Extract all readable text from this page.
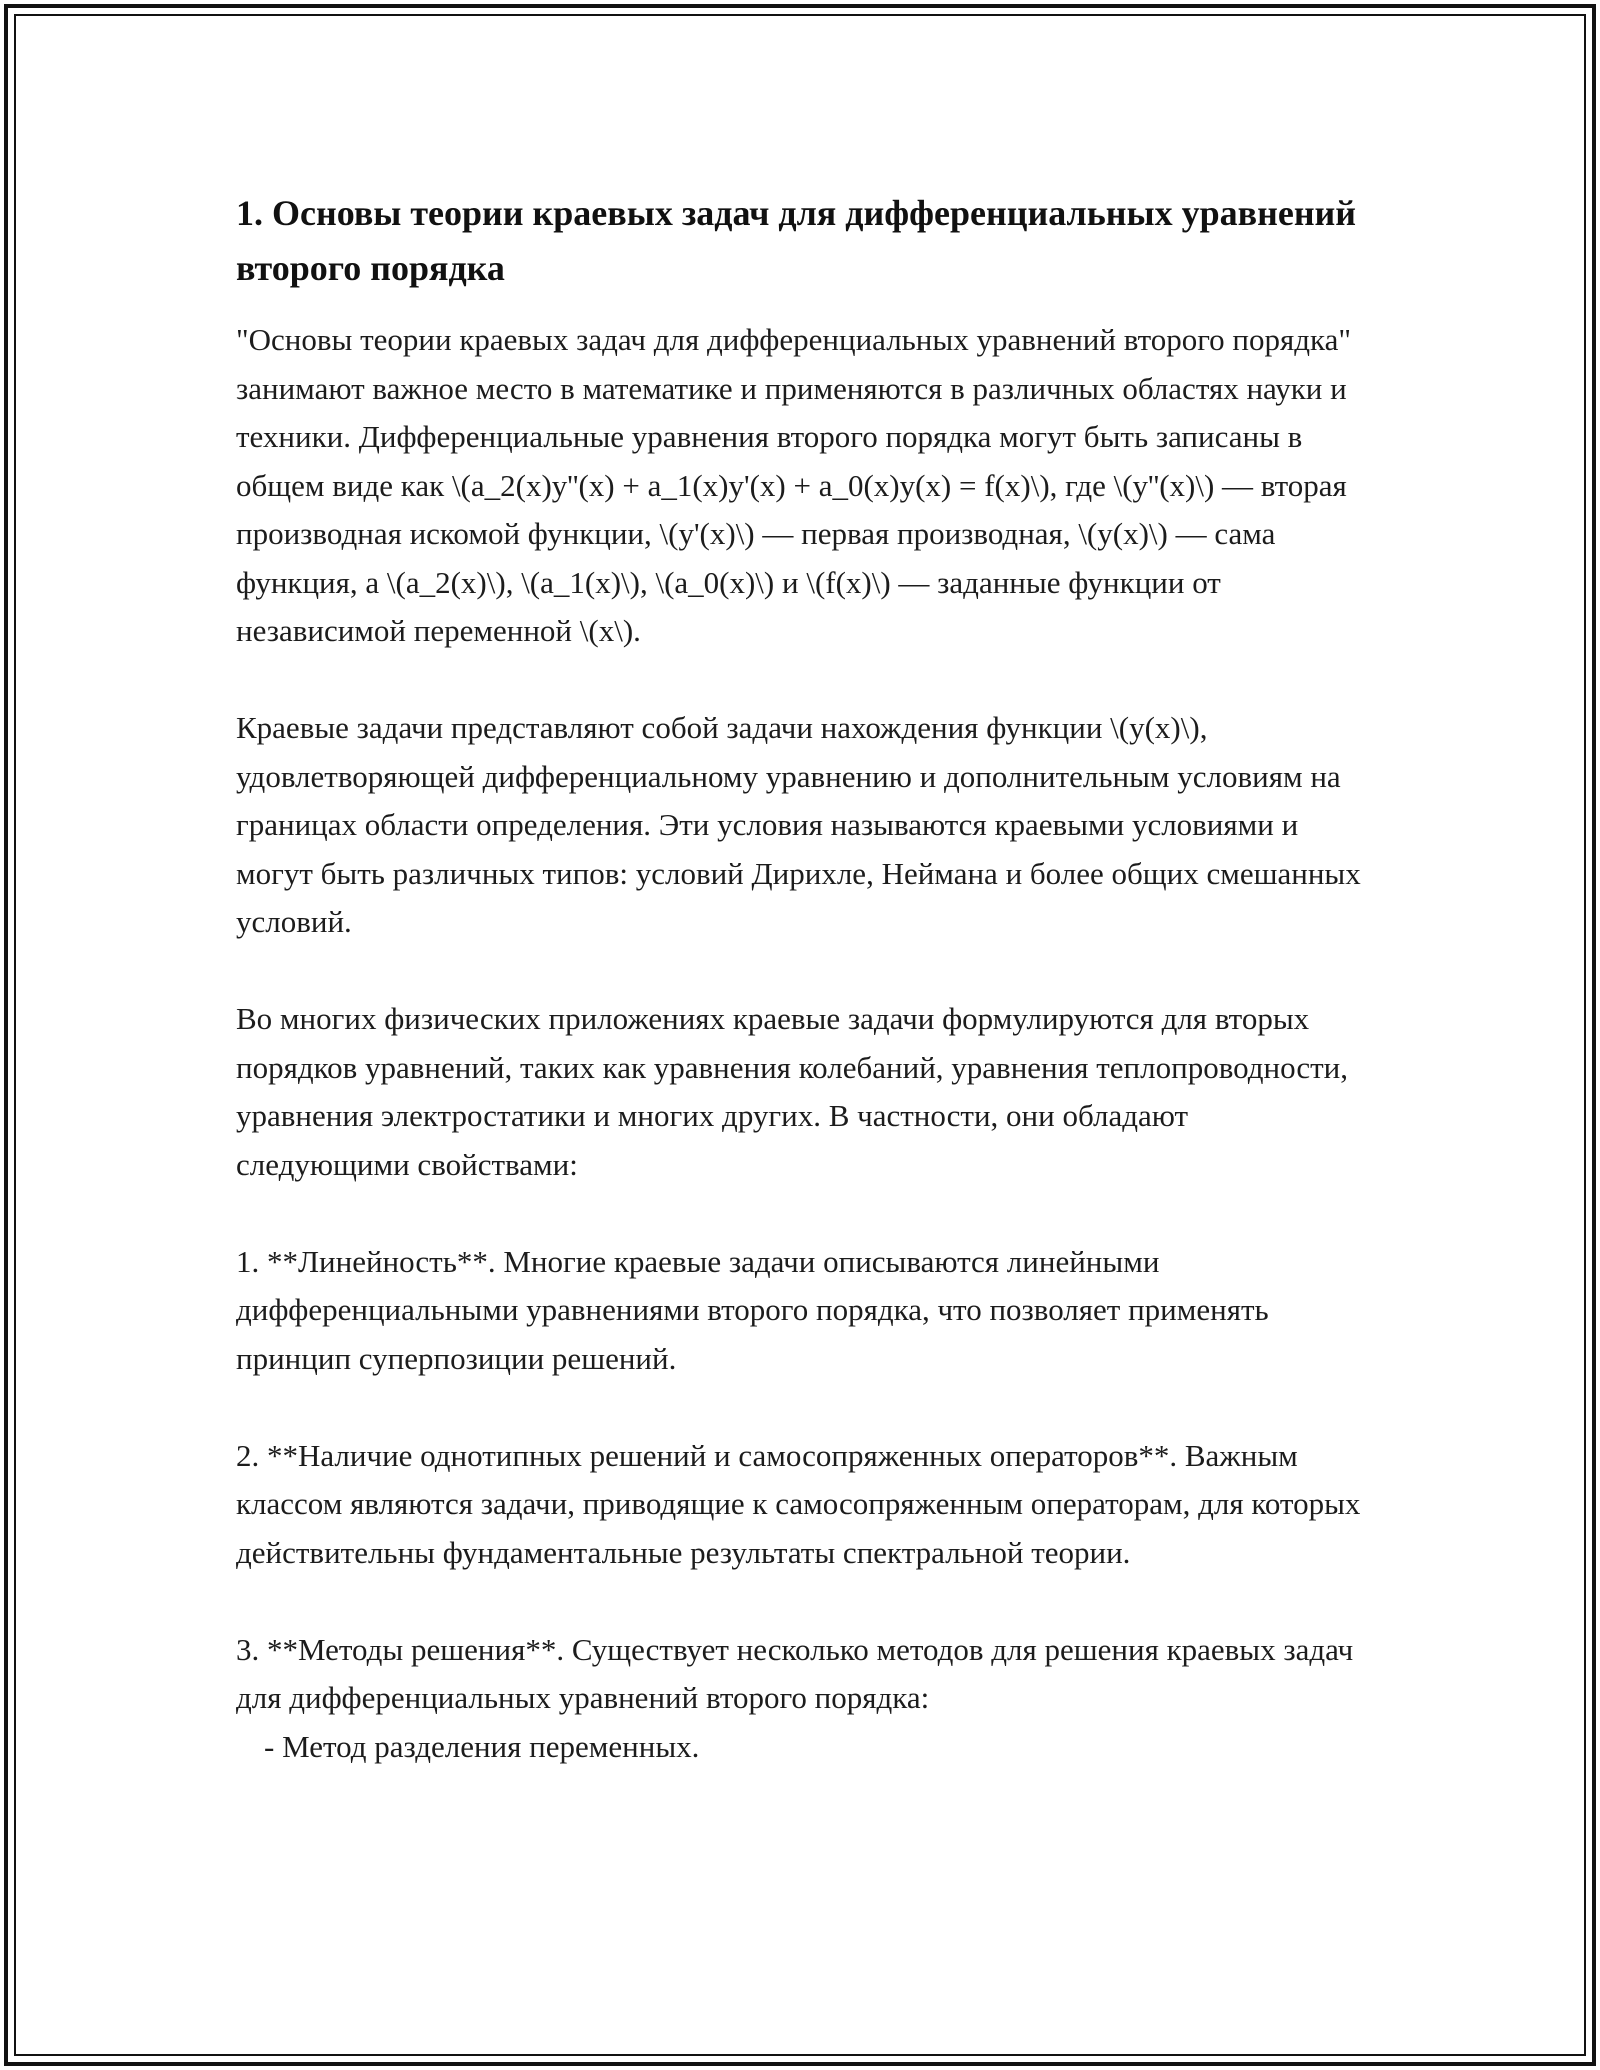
1. Основы теории краевых задач для дифференциальных уравнений второго порядка

"Основы теории краевых задач для дифференциальных уравнений второго порядка" занимают важное место в математике и применяются в различных областях науки и техники. Дифференциальные уравнения второго порядка могут быть записаны в общем виде как \(a_2(x)y''(x) + a_1(x)y'(x) + a_0(x)y(x) = f(x)\), где \(y''(x)\) — вторая производная искомой функции, \(y'(x)\) — первая производная, \(y(x)\) — сама функция, а \(a_2(x)\), \(a_1(x)\), \(a_0(x)\) и \(f(x)\) — заданные функции от независимой переменной \(x\).

Краевые задачи представляют собой задачи нахождения функции \(y(x)\), удовлетворяющей дифференциальному уравнению и дополнительным условиям на границах области определения. Эти условия называются краевыми условиями и могут быть различных типов: условий Дирихле, Неймана и более общих смешанных условий.

Во многих физических приложениях краевые задачи формулируются для вторых порядков уравнений, таких как уравнения колебаний, уравнения теплопроводности, уравнения электростатики и многих других. В частности, они обладают следующими свойствами:

1. **Линейность**. Многие краевые задачи описываются линейными дифференциальными уравнениями второго порядка, что позволяет применять принцип суперпозиции решений.

2. **Наличие однотипных решений и самосопряженных операторов**. Важным классом являются задачи, приводящие к самосопряженным операторам, для которых действительны фундаментальные результаты спектральной теории.

3. **Методы решения**. Существует несколько методов для решения краевых задач для дифференциальных уравнений второго порядка:
- Метод разделения переменных.
